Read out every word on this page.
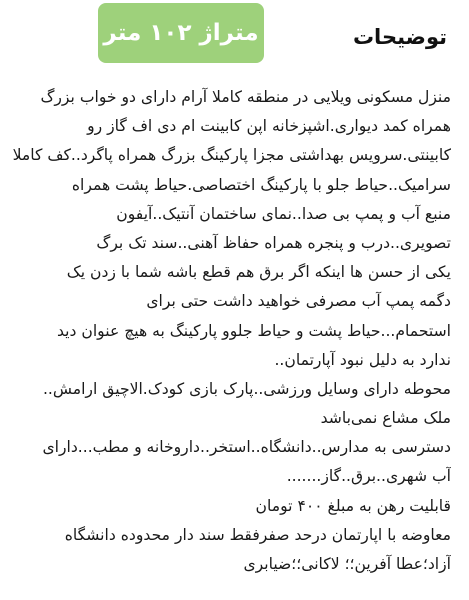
متراژ ۱۰۲ متر	توضیحات
منزل مسکونی ویلایی در منطقه کاملا آرام دارای دو خواب بزرگ
همراه کمد دیواری.اشپزخانه اپن کابینت ام دی اف گاز رو
کابینتی.سرویس بهداشتی مجزا پارکینگ بزرگ همراه پاگرد..کف کاملا
سرامیک..حیاط جلو با پارکینگ اختصاصی.حیاط پشت همراه
منبع آب و پمپ بی صدا..نمای ساختمان آنتیک..آیفون
تصویری..درب و پنجره همراه حفاظ آهنی..سند تک برگ
یکی از حسن ها اینکه اگر برق هم قطع باشه شما با زدن یک
دگمه پمپ آب مصرفی خواهید داشت حتی برای
استحمام...حیاط پشت و حیاط جلوو پارکینگ به هیچ عنوان دید
ندارد به دلیل نبود آپارتمان..
محوطه دارای وسایل ورزشی..پارک بازی کودک.الاچیق ارامش..
ملک مشاع نمی‌باشد
دسترسی به مدارس..دانشگاه..استخر..داروخانه و مطب...دارای
آب شهری..برق..گاز.......
قابلیت رهن به مبلغ ۴۰۰ تومان
معاوضه با اپارتمان درحد صفرفقط سند دار محدوده دانشگاه
آزاد؛عطا آفرین؛؛ لاکانی؛؛ضیابری
